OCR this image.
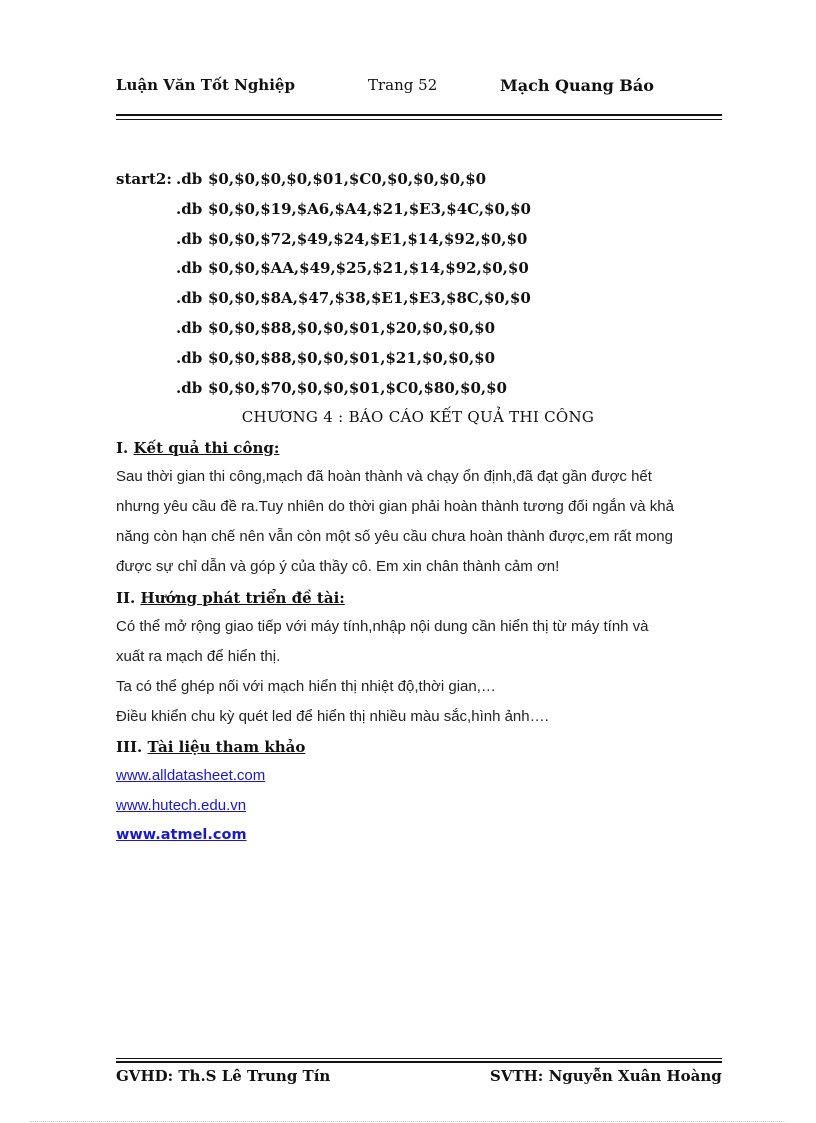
Luận Văn Tốt Nghiệp	Trang 52	Mạch Quang Báo
start2: .db $0,$0,$0,$0,$01,$C0,$0,$0,$0,$0
.db $0,$0,$19,$A6,$A4,$21,$E3,$4C,$0,$0
.db $0,$0,$72,$49,$24,$E1,$14,$92,$0,$0
.db $0,$0,$AA,$49,$25,$21,$14,$92,$0,$0
.db $0,$0,$8A,$47,$38,$E1,$E3,$8C,$0,$0
.db $0,$0,$88,$0,$0,$01,$20,$0,$0,$0
.db $0,$0,$88,$0,$0,$01,$21,$0,$0,$0
.db $0,$0,$70,$0,$0,$01,$C0,$80,$0,$0
CHƯƠNG 4 : BÁO CÁO KẾT QUẢ THI CÔNG
I. Kết quả thi công:
Sau thời gian thi công,mạch đã hoàn thành và chạy ổn định,đã đạt gần được hết
nhưng yêu cầu đề ra.Tuy nhiên do thời gian phải hoàn thành tương đối ngắn và khả
năng còn hạn chế nên vẫn còn một số yêu cầu chưa hoàn thành được,em rất mong
được sự chỉ dẫn và góp ý của thầy cô. Em xin chân thành cảm ơn!
II. Hướng phát triển đề tài:
Có thể mở rộng giao tiếp với máy tính,nhập nội dung cần hiển thị từ máy tính và
xuất ra mạch để hiển thị.
Ta có thể ghép nối với mạch hiển thị nhiệt độ,thời gian,…
Điều khiển chu kỳ quét led để hiển thị nhiều màu sắc,hình ảnh….
III. Tài liệu tham khảo
www.alldatasheet.com
www.hutech.edu.vn
www.atmel.com
GVHD: Th.S Lê Trung Tín	SVTH: Nguyễn Xuân Hoàng
